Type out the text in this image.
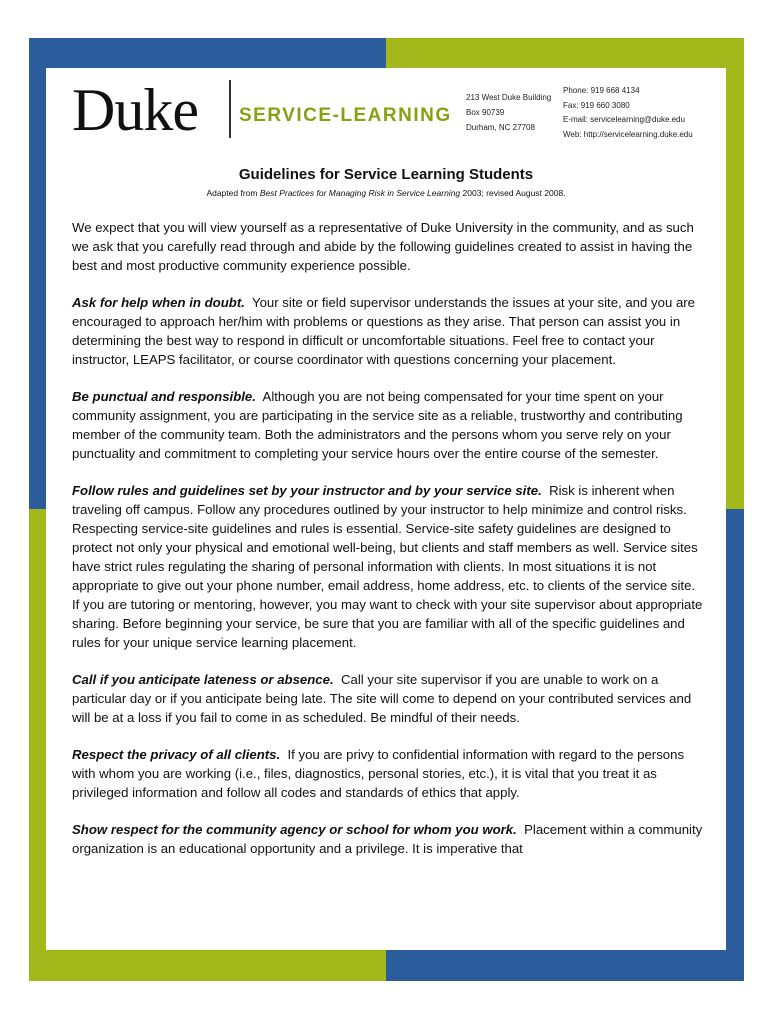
Duke SERVICE-LEARNING
213 West Duke Building
Box 90739
Durham, NC 27708
Phone: 919 668 4134
Fax: 919 660 3080
E-mail: servicelearning@duke.edu
Web: http://servicelearning.duke.edu
Guidelines for Service Learning Students
Adapted from Best Practices for Managing Risk in Service Learning 2003; revised August 2008.

We expect that you will view yourself as a representative of Duke University in the community, and as such we ask that you carefully read through and abide by the following guidelines created to assist in having the best and most productive community experience possible.

Ask for help when in doubt. Your site or field supervisor understands the issues at your site, and you are encouraged to approach her/him with problems or questions as they arise. That person can assist you in determining the best way to respond in difficult or uncomfortable situations. Feel free to contact your instructor, LEAPS facilitator, or course coordinator with questions concerning your placement.

Be punctual and responsible. Although you are not being compensated for your time spent on your community assignment, you are participating in the service site as a reliable, trustworthy and contributing member of the community team. Both the administrators and the persons whom you serve rely on your punctuality and commitment to completing your service hours over the entire course of the semester.

Follow rules and guidelines set by your instructor and by your service site. Risk is inherent when traveling off campus. Follow any procedures outlined by your instructor to help minimize and control risks. Respecting service-site guidelines and rules is essential. Service-site safety guidelines are designed to protect not only your physical and emotional well-being, but clients and staff members as well. Service sites have strict rules regulating the sharing of personal information with clients. In most situations it is not appropriate to give out your phone number, email address, home address, etc. to clients of the service site. If you are tutoring or mentoring, however, you may want to check with your site supervisor about appropriate sharing. Before beginning your service, be sure that you are familiar with all of the specific guidelines and rules for your unique service learning placement.

Call if you anticipate lateness or absence. Call your site supervisor if you are unable to work on a particular day or if you anticipate being late. The site will come to depend on your contributed services and will be at a loss if you fail to come in as scheduled. Be mindful of their needs.

Respect the privacy of all clients. If you are privy to confidential information with regard to the persons with whom you are working (i.e., files, diagnostics, personal stories, etc.), it is vital that you treat it as privileged information and follow all codes and standards of ethics that apply.

Show respect for the community agency or school for whom you work. Placement within a community organization is an educational opportunity and a privilege. It is imperative that
